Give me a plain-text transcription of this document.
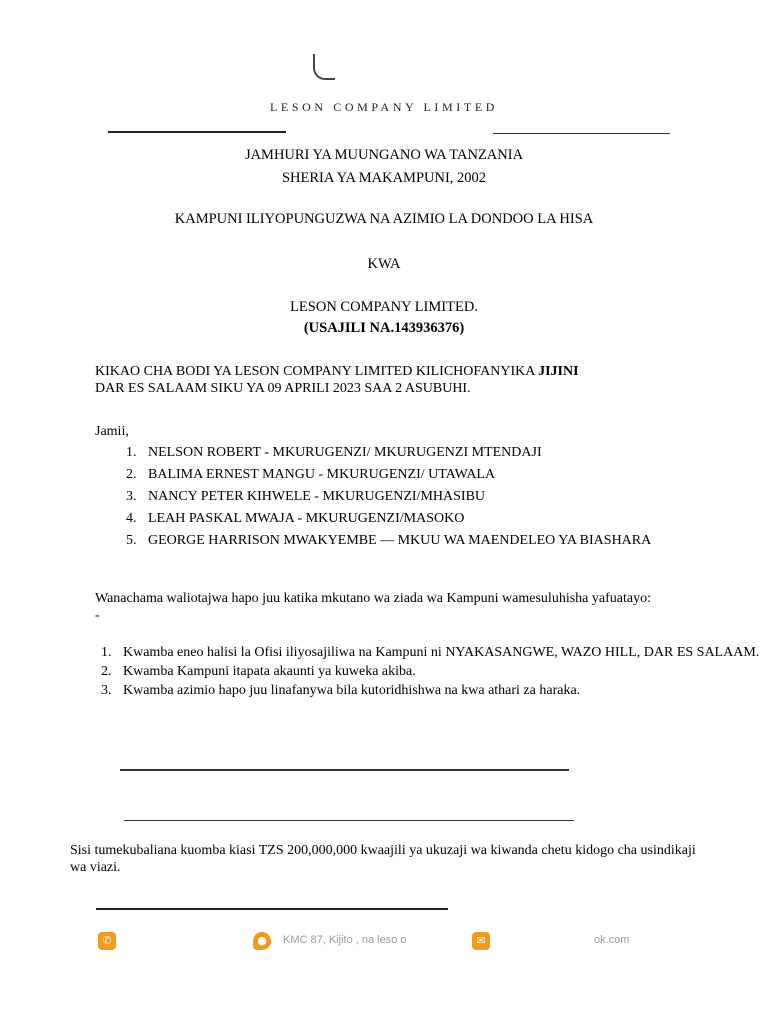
LESON COMPANY LIMITED
JAMHURI YA MUUNGANO WA TANZANIA
SHERIA YA MAKAMPUNI, 2002
KAMPUNI ILIYOPUNGUZWA NA AZIMIO LA DONDOO LA HISA
KWA
LESON COMPANY LIMITED.
(USAJILI NA.143936376)
KIKAO CHA BODI YA LESON COMPANY LIMITED KILICHOFANYIKA JIJINI
DAR ES SALAAM SIKU YA 09 APRILI 2023 SAA 2 ASUBUHI.
Jamii,
1. NELSON ROBERT - MKURUGENZI/ MKURUGENZI MTENDAJI
2. BALIMA ERNEST MANGU - MKURUGENZI/ UTAWALA
3. NANCY PETER KIHWELE - MKURUGENZI/MHASIBU
4. LEAH PASKAL MWAJA - MKURUGENZI/MASOKO
5. GEORGE HARRISON MWAKYEMBE — MKUU WA MAENDELEO YA BIASHARA
Wanachama waliotajwa hapo juu katika mkutano wa ziada wa Kampuni wamesuluhisha yafuatayo: -
1. Kwamba eneo halisi la Ofisi iliyosajiliwa na Kampuni ni NYAKASANGWE, WAZO HILL, DAR ES SALAAM.
2. Kwamba Kampuni itapata akaunti ya kuweka akiba.
3. Kwamba azimio hapo juu linafanywa bila kutoridhishwa na kwa athari za haraka.
Sisi tumekubaliana kuomba kiasi TZS 200,000,000 kwaajili ya ukuzaji wa kiwanda chetu kidogo cha usindikaji wa viazi.
✆	●	KMC 87, Kijito , na leso o	✉	ok.com
